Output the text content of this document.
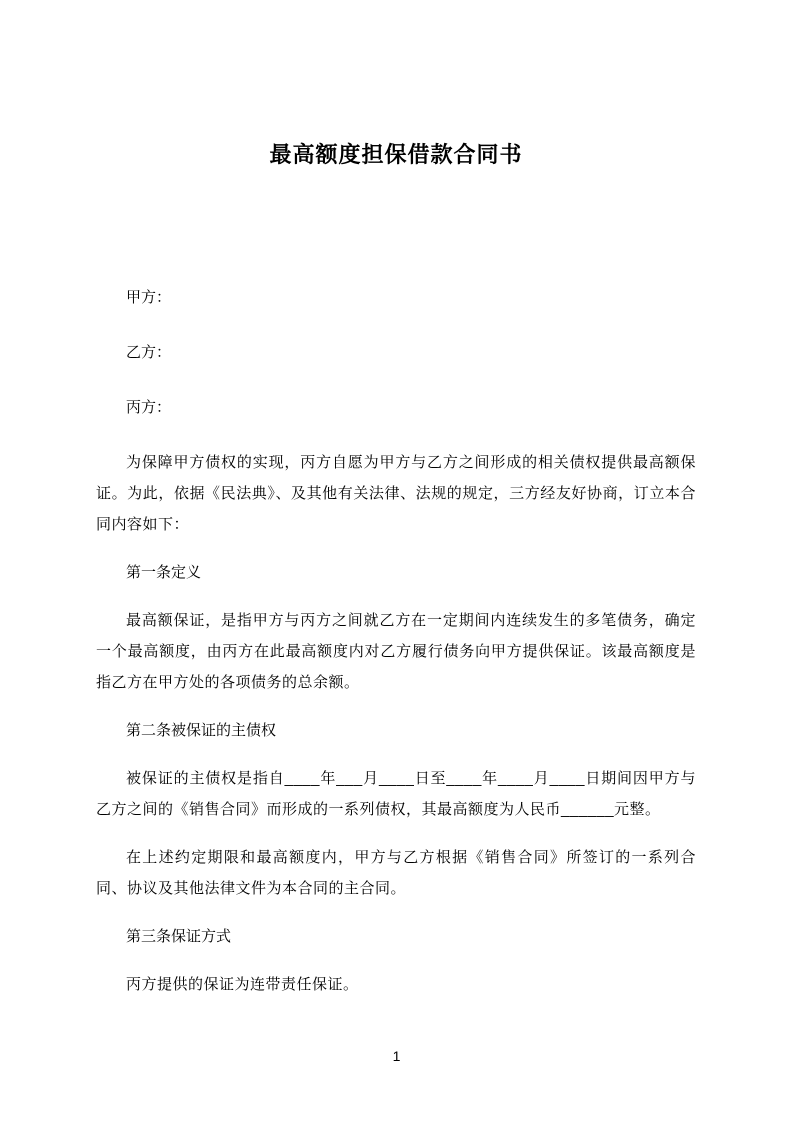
最高额度担保借款合同书

甲方：

乙方：

丙方：

为保障甲方债权的实现，丙方自愿为甲方与乙方之间形成的相关债权提供最高额保证。为此，依据《民法典》、及其他有关法律、法规的规定，三方经友好协商，订立本合同内容如下：

第一条定义

最高额保证，是指甲方与丙方之间就乙方在一定期间内连续发生的多笔债务，确定一个最高额度，由丙方在此最高额度内对乙方履行债务向甲方提供保证。该最高额度是指乙方在甲方处的各项债务的总余额。

第二条被保证的主债权

被保证的主债权是指自____年___月____日至____年____月____日期间因甲方与乙方之间的《销售合同》而形成的一系列债权，其最高额度为人民币______元整。

在上述约定期限和最高额度内，甲方与乙方根据《销售合同》所签订的一系列合同、协议及其他法律文件为本合同的主合同。

第三条保证方式

丙方提供的保证为连带责任保证。

1
